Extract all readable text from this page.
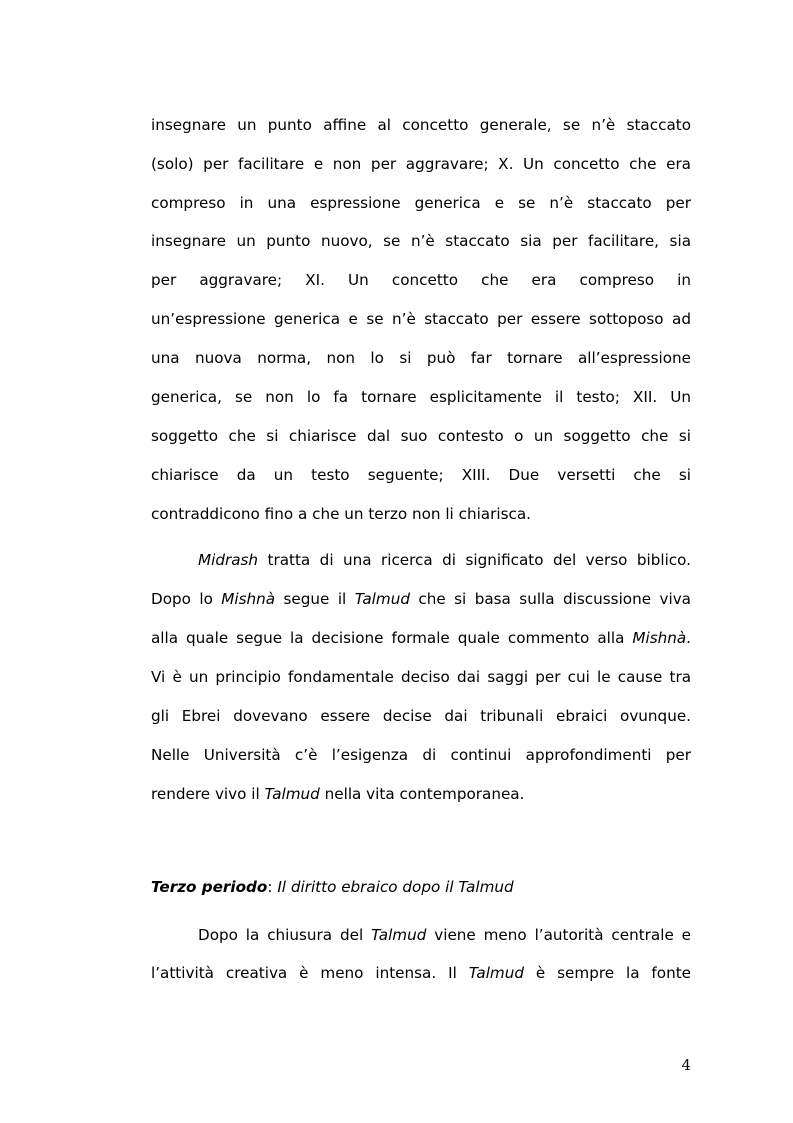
insegnare un punto affine al concetto generale, se n’è staccato
(solo) per facilitare e non per aggravare; X. Un concetto che era
compreso in una espressione generica e se n’è staccato per
insegnare un punto nuovo, se n’è staccato sia per facilitare, sia
per aggravare; XI. Un concetto che era compreso in
un’espressione generica e se n’è staccato per essere sottoposo ad
una nuova norma, non lo si può far tornare all’espressione
generica, se non lo fa tornare esplicitamente il testo; XII. Un
soggetto che si chiarisce dal suo contesto o un soggetto che si
chiarisce da un testo seguente; XIII. Due versetti che si
contraddicono fino a che un terzo non li chiarisca.
Midrash tratta di una ricerca di significato del verso biblico.
Dopo lo Mishnà segue il Talmud che si basa sulla discussione viva
alla quale segue la decisione formale quale commento alla Mishnà.
Vi è un principio fondamentale deciso dai saggi per cui le cause tra
gli Ebrei dovevano essere decise dai tribunali ebraici ovunque.
Nelle Università c’è l’esigenza di continui approfondimenti per
rendere vivo il Talmud nella vita contemporanea.
Terzo periodo: Il diritto ebraico dopo il Talmud
Dopo la chiusura del Talmud viene meno l’autorità centrale e
l’attività creativa è meno intensa. Il Talmud è sempre la fonte
4
